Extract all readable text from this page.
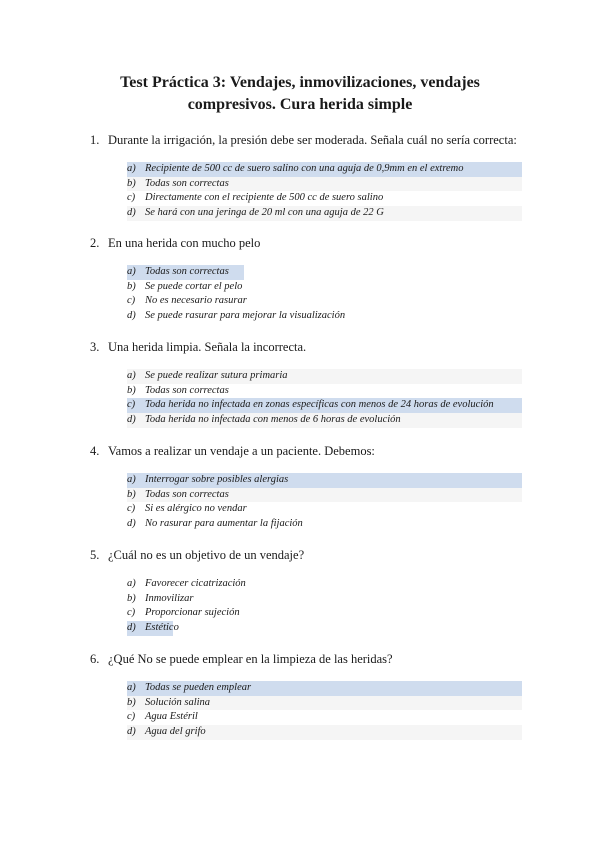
Test Práctica 3: Vendajes, inmovilizaciones, vendajes
compresivos. Cura herida simple
1. Durante la irrigación, la presión debe ser moderada. Señala cuál no sería correcta:
a) Recipiente de 500 cc de suero salino con una aguja de 0,9mm en el extremo
b) Todas son correctas
c) Directamente con el recipiente de 500 cc de suero salino
d) Se hará con una jeringa de 20 ml con una aguja de 22 G
2. En una herida con mucho pelo
a) Todas son correctas
b) Se puede cortar el pelo
c) No es necesario rasurar
d) Se puede rasurar para mejorar la visualización
3. Una herida limpia. Señala la incorrecta.
a) Se puede realizar sutura primaria
b) Todas son correctas
c) Toda herida no infectada en zonas específicas con menos de 24 horas de evolución
d) Toda herida no infectada con menos de 6 horas de evolución
4. Vamos a realizar un vendaje a un paciente. Debemos:
a) Interrogar sobre posibles alergias
b) Todas son correctas
c) Si es alérgico no vendar
d) No rasurar para aumentar la fijación
5. ¿Cuál no es un objetivo de un vendaje?
a) Favorecer cicatrización
b) Inmovilizar
c) Proporcionar sujeción
d) Estético
6. ¿Qué No se puede emplear en la limpieza de las heridas?
a) Todas se pueden emplear
b) Solución salina
c) Agua Estéril
d) Agua del grifo
